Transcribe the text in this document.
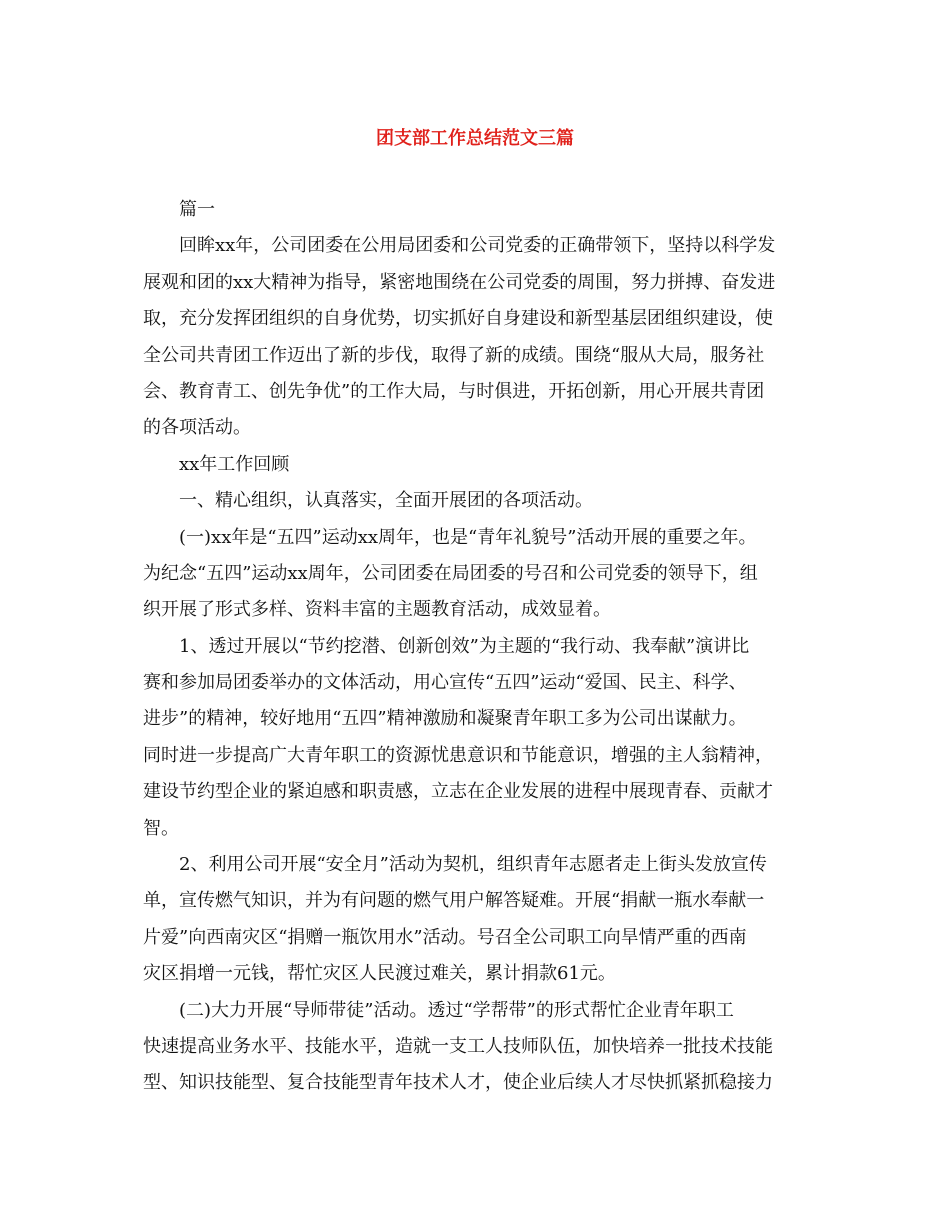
团支部工作总结范文三篇
篇一
回眸xx年，公司团委在公用局团委和公司党委的正确带领下，坚持以科学发
展观和团的xx大精神为指导，紧密地围绕在公司党委的周围，努力拼搏、奋发进
取，充分发挥团组织的自身优势，切实抓好自身建设和新型基层团组织建设，使
全公司共青团工作迈出了新的步伐，取得了新的成绩。围绕“服从大局，服务社
会、教育青工、创先争优”的工作大局，与时俱进，开拓创新，用心开展共青团
的各项活动。
xx年工作回顾
一、精心组织，认真落实，全面开展团的各项活动。
(一)xx年是“五四”运动xx周年，也是“青年礼貌号”活动开展的重要之年。
为纪念“五四”运动xx周年，公司团委在局团委的号召和公司党委的领导下，组
织开展了形式多样、资料丰富的主题教育活动，成效显着。
1、透过开展以“节约挖潜、创新创效”为主题的“我行动、我奉献”演讲比
赛和参加局团委举办的文体活动，用心宣传“五四”运动“爱国、民主、科学、
进步”的精神，较好地用“五四”精神激励和凝聚青年职工多为公司出谋献力。
同时进一步提高广大青年职工的资源忧患意识和节能意识，增强的主人翁精神，
建设节约型企业的紧迫感和职责感，立志在企业发展的进程中展现青春、贡献才
智。
2、利用公司开展“安全月”活动为契机，组织青年志愿者走上街头发放宣传
单，宣传燃气知识，并为有问题的燃气用户解答疑难。开展“捐献一瓶水奉献一
片爱”向西南灾区“捐赠一瓶饮用水”活动。号召全公司职工向旱情严重的西南
灾区捐增一元钱，帮忙灾区人民渡过难关，累计捐款61元。
(二)大力开展“导师带徒”活动。透过“学帮带”的形式帮忙企业青年职工
快速提高业务水平、技能水平，造就一支工人技师队伍，加快培养一批技术技能
型、知识技能型、复合技能型青年技术人才，使企业后续人才尽快抓紧抓稳接力
